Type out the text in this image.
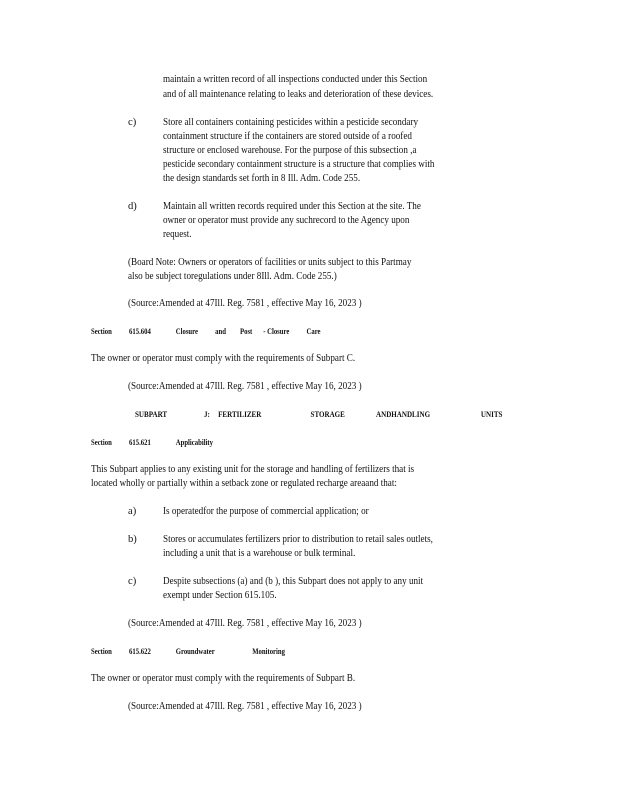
maintain a written record of all inspections conducted under this Section
and of all maintenance relating to leaks and deterioration of these devices.
c)	Store all containers containing pesticides within a pesticide secondary
containment structure if the containers are stored outside of a roofed
structure or enclosed warehouse. For the purpose of this subsection ,a
pesticide secondary containment structure is a structure that complies with
the design standards set forth in 8 Ill. Adm. Code 255.
d) Maintain all written records required under this Section at the site. The
owner or operator must provide any suchrecord to the Agency upon
request.
(Board Note: Owners or operators of facilities or units subject to this Partmay
also be subject toregulations under 8Ill. Adm. Code 255.)
(Source:Amended at 47Ill. Reg. 7581 , effective May 16, 2023 )
Section 615.604	Closure and Post - Closure Care
The owner or operator must comply with the requirements of Subpart C.
(Source:Amended at 47Ill. Reg. 7581 , effective May 16, 2023 )
SUBPART	J: FERTILIZER	STORAGE	ANDHANDLING	UNITS
Section 615.621	Applicability
This Subpart applies to any existing unit for the storage and handling of fertilizers that is
located wholly or partially within a setback zone or regulated recharge areaand that:
a)	Is operatedfor the purpose of commercial application; or
b) Stores or accumulates fertilizers prior to distribution to retail sales outlets,
including a unit that is a warehouse or bulk terminal.
c)	Despite subsections (a) and (b ), this Subpart does not apply to any unit
exempt under Section 615.105.
(Source:Amended at 47Ill. Reg. 7581 , effective May 16, 2023 )
Section 615.622	Groundwater	Monitoring
The owner or operator must comply with the requirements of Subpart B.
(Source:Amended at 47Ill. Reg. 7581 , effective May 16, 2023 )
